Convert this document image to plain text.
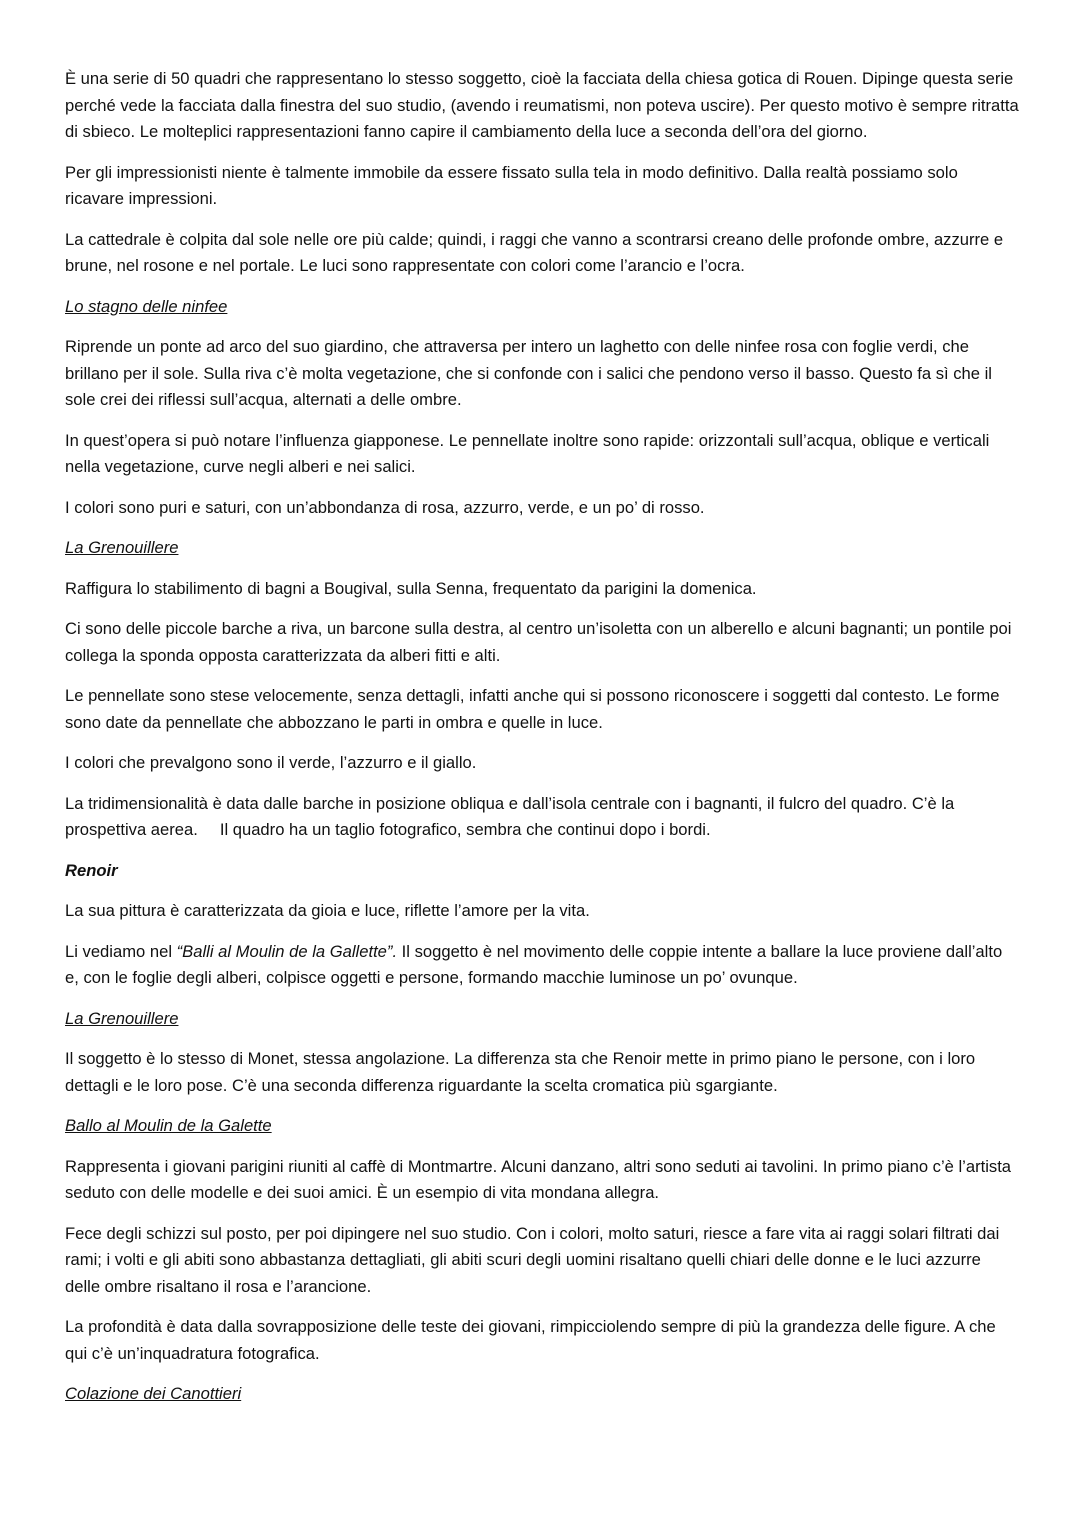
È una serie di 50 quadri che rappresentano lo stesso soggetto, cioè la facciata della chiesa gotica di Rouen. Dipinge questa serie perché vede la facciata dalla finestra del suo studio, (avendo i reumatismi, non poteva uscire). Per questo motivo è sempre ritratta di sbieco. Le molteplici rappresentazioni fanno capire il cambiamento della luce a seconda dell’ora del giorno.

Per gli impressionisti niente è talmente immobile da essere fissato sulla tela in modo definitivo. Dalla realtà possiamo solo ricavare impressioni.

La cattedrale è colpita dal sole nelle ore più calde; quindi, i raggi che vanno a scontrarsi creano delle profonde ombre, azzurre e brune, nel rosone e nel portale. Le luci sono rappresentate con colori come l’arancio e l’ocra.

Lo stagno delle ninfee

Riprende un ponte ad arco del suo giardino, che attraversa per intero un laghetto con delle ninfee rosa con foglie verdi, che brillano per il sole. Sulla riva c’è molta vegetazione, che si confonde con i salici che pendono verso il basso. Questo fa sì che il sole crei dei riflessi sull’acqua, alternati a delle ombre.

In quest’opera si può notare l’influenza giapponese. Le pennellate inoltre sono rapide: orizzontali sull’acqua, oblique e verticali nella vegetazione, curve negli alberi e nei salici.

I colori sono puri e saturi, con un’abbondanza di rosa, azzurro, verde, e un po’ di rosso.

La Grenouillere

Raffigura lo stabilimento di bagni a Bougival, sulla Senna, frequentato da parigini la domenica.

Ci sono delle piccole barche a riva, un barcone sulla destra, al centro un’isoletta con un alberello e alcuni bagnanti; un pontile poi collega la sponda opposta caratterizzata da alberi fitti e alti.

Le pennellate sono stese velocemente, senza dettagli, infatti anche qui si possono riconoscere i soggetti dal contesto. Le forme sono date da pennellate che abbozzano le parti in ombra e quelle in luce.

I colori che prevalgono sono il verde, l’azzurro e il giallo.

La tridimensionalità è data dalle barche in posizione obliqua e dall’isola centrale con i bagnanti, il fulcro del quadro. C’è la prospettiva aerea. Il quadro ha un taglio fotografico, sembra che continui dopo i bordi.

Renoir

La sua pittura è caratterizzata da gioia e luce, riflette l’amore per la vita.

Li vediamo nel “Balli al Moulin de la Gallette”. Il soggetto è nel movimento delle coppie intente a ballare la luce proviene dall’alto e, con le foglie degli alberi, colpisce oggetti e persone, formando macchie luminose un po’ ovunque.

La Grenouillere

Il soggetto è lo stesso di Monet, stessa angolazione. La differenza sta che Renoir mette in primo piano le persone, con i loro dettagli e le loro pose. C’è una seconda differenza riguardante la scelta cromatica più sgargiante.

Ballo al Moulin de la Galette

Rappresenta i giovani parigini riuniti al caffè di Montmartre. Alcuni danzano, altri sono seduti ai tavolini. In primo piano c’è l’artista seduto con delle modelle e dei suoi amici. È un esempio di vita mondana allegra.

Fece degli schizzi sul posto, per poi dipingere nel suo studio. Con i colori, molto saturi, riesce a fare vita ai raggi solari filtrati dai rami; i volti e gli abiti sono abbastanza dettagliati, gli abiti scuri degli uomini risaltano quelli chiari delle donne e le luci azzurre delle ombre risaltano il rosa e l’arancione.

La profondità è data dalla sovrapposizione delle teste dei giovani, rimpicciolendo sempre di più la grandezza delle figure. A che qui c’è un’inquadratura fotografica.

Colazione dei Canottieri
